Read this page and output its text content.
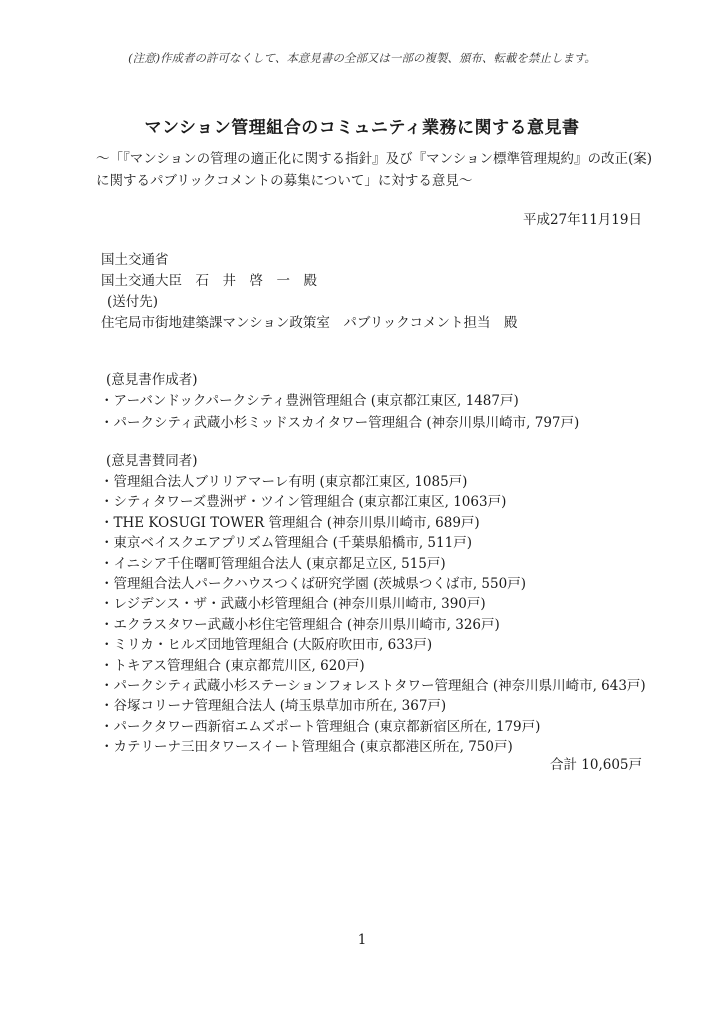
(注意)作成者の許可なくして、本意見書の全部又は一部の複製、頒布、転載を禁止します。
マンション管理組合のコミュニティ業務に関する意見書
〜「『マンションの管理の適正化に関する指針』及び『マンション標準管理規約』の改正(案)
に関するパブリックコメントの募集について」に対する意見〜
平成27年11月19日
国土交通省
国土交通大臣　石　井　啓　一　殿
(送付先)
住宅局市街地建築課マンション政策室　パブリックコメント担当　殿
(意見書作成者)
・アーバンドックパークシティ豊洲管理組合 (東京都江東区, 1487戸)
・パークシティ武蔵小杉ミッドスカイタワー管理組合 (神奈川県川崎市, 797戸)
(意見書賛同者)
・管理組合法人ブリリアマーレ有明 (東京都江東区, 1085戸)
・シティタワーズ豊洲ザ・ツイン管理組合 (東京都江東区, 1063戸)
・THE KOSUGI TOWER 管理組合 (神奈川県川崎市, 689戸)
・東京ベイスクエアプリズム管理組合 (千葉県船橋市, 511戸)
・イニシア千住曙町管理組合法人 (東京都足立区, 515戸)
・管理組合法人パークハウスつくば研究学園 (茨城県つくば市, 550戸)
・レジデンス・ザ・武蔵小杉管理組合 (神奈川県川崎市, 390戸)
・エクラスタワー武蔵小杉住宅管理組合 (神奈川県川崎市, 326戸)
・ミリカ・ヒルズ団地管理組合 (大阪府吹田市, 633戸)
・トキアス管理組合 (東京都荒川区, 620戸)
・パークシティ武蔵小杉ステーションフォレストタワー管理組合 (神奈川県川崎市, 643戸)
・谷塚コリーナ管理組合法人 (埼玉県草加市所在, 367戸)
・パークタワー西新宿エムズポート管理組合 (東京都新宿区所在, 179戸)
・カテリーナ三田タワースイート管理組合 (東京都港区所在, 750戸)
合計 10,605戸
1
